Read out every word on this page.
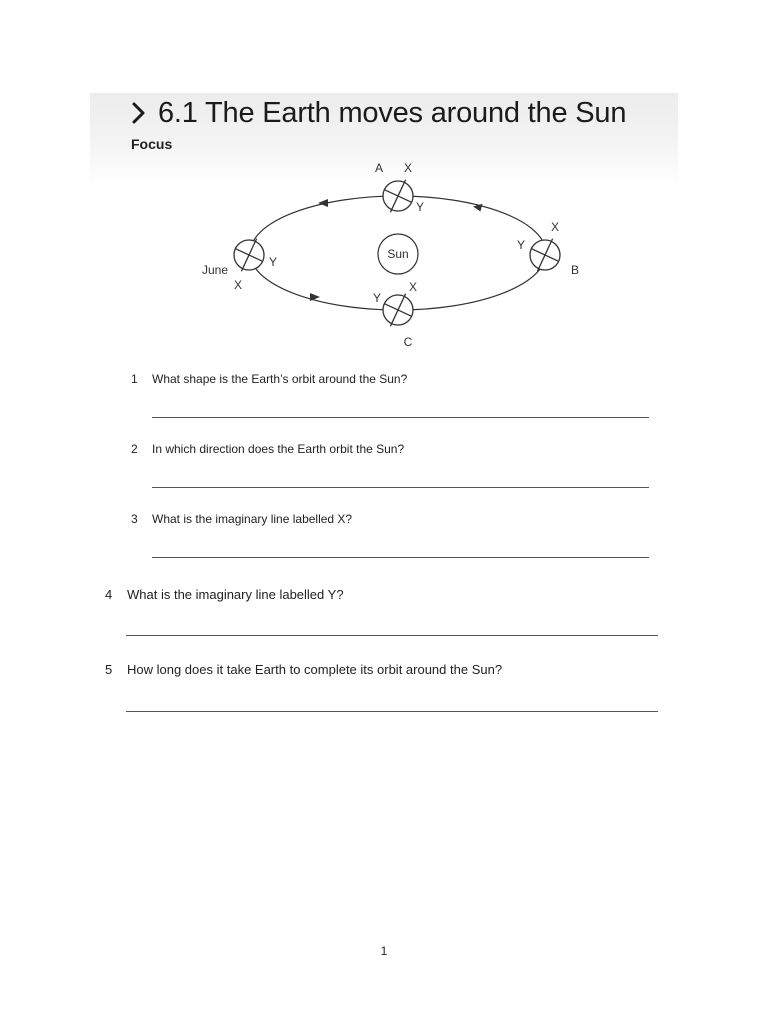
6.1 The Earth moves around the Sun
Focus
Sun
A X
Y
X
Y
B
X
Y
C
Y
June
X
1 What shape is the Earth’s orbit around the Sun?
2 In which direction does the Earth orbit the Sun?
3 What is the imaginary line labelled X?
4 What is the imaginary line labelled Y?
5 How long does it take Earth to complete its orbit around the Sun?
1
